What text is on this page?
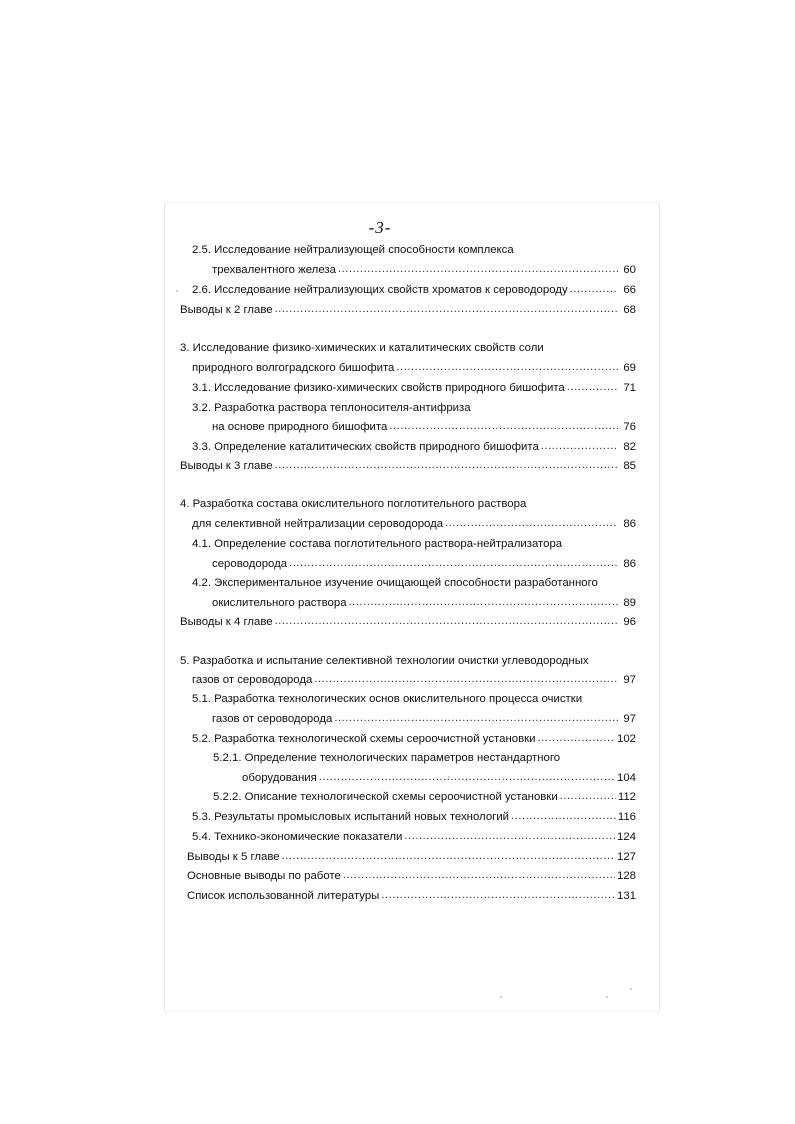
-3-
2.5. Исследование нейтрализующей способности комплекса
трехвалентного железа .....	60
2.6. Исследование нейтрализующих свойств хроматов к сероводороду .....	66
Выводы к 2 главе .....	68
3. Исследование физико-химических и каталитических свойств соли
природного волгоградского бишофита .....	69
3.1. Исследование физико-химических свойств природного бишофита .....	71
3.2. Разработка раствора теплоносителя-антифриза
на основе природного бишофита .....	76
3.3. Определение каталитических свойств природного бишофита .....	82
Выводы к 3 главе .....	85
4. Разработка состава окислительного поглотительного раствора
для селективной нейтрализации сероводорода .....	86
4.1. Определение состава поглотительного раствора-нейтрализатора
сероводорода .....	86
4.2. Экспериментальное изучение очищающей способности разработанного
окислительного раствора .....	89
Выводы к 4 главе .....	96
5. Разработка и испытание селективной технологии очистки углеводородных
газов от сероводорода .....	97
5.1. Разработка технологических основ окислительного процесса очистки
газов от сероводорода .....	97
5.2. Разработка технологической схемы сероочистной установки .....	102
5.2.1. Определение технологических параметров нестандартного
оборудования .....	104
5.2.2. Описание технологической схемы сероочистной установки .....	112
5.3. Результаты промысловых испытаний новых технологий .....	116
5.4. Технико-экономические показатели .....	124
Выводы к 5 главе .....	127
Основные выводы по работе .....	128
Список использованной литературы .....	131
